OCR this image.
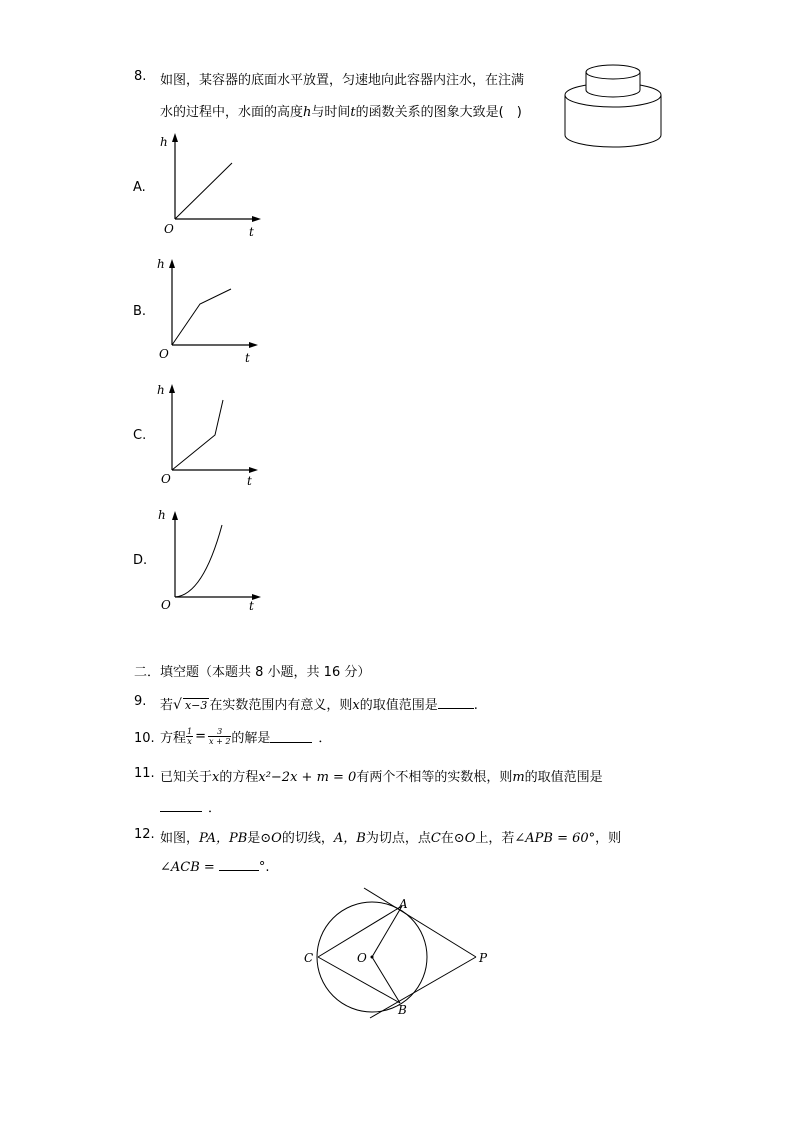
8. 如图，某容器的底面水平放置，匀速地向此容器内注水，在注满
水的过程中，水面的高度h与时间t的函数关系的图象大致是(　)
A.
h
t
O
B.
h
t
O
C.
h
t
O
D.
h
t
O
二．填空题（本题共 8 小题，共 16 分）
9. 若√ x−3 在实数范围内有意义，则x的取值范围是	.
10. 方程 $\frac{1}{x} = \frac{3}{x + 2}$ 的解是	．
11. 已知关于x的方程x²−2x + m = 0有两个不相等的实数根，则m的取值范围是
．
12. 如图，PA，PB是⊙O的切线，A，B为切点，点C在⊙O上，若∠APB = 60°，则
∠ACB =	°.
A
B
C	O	P
